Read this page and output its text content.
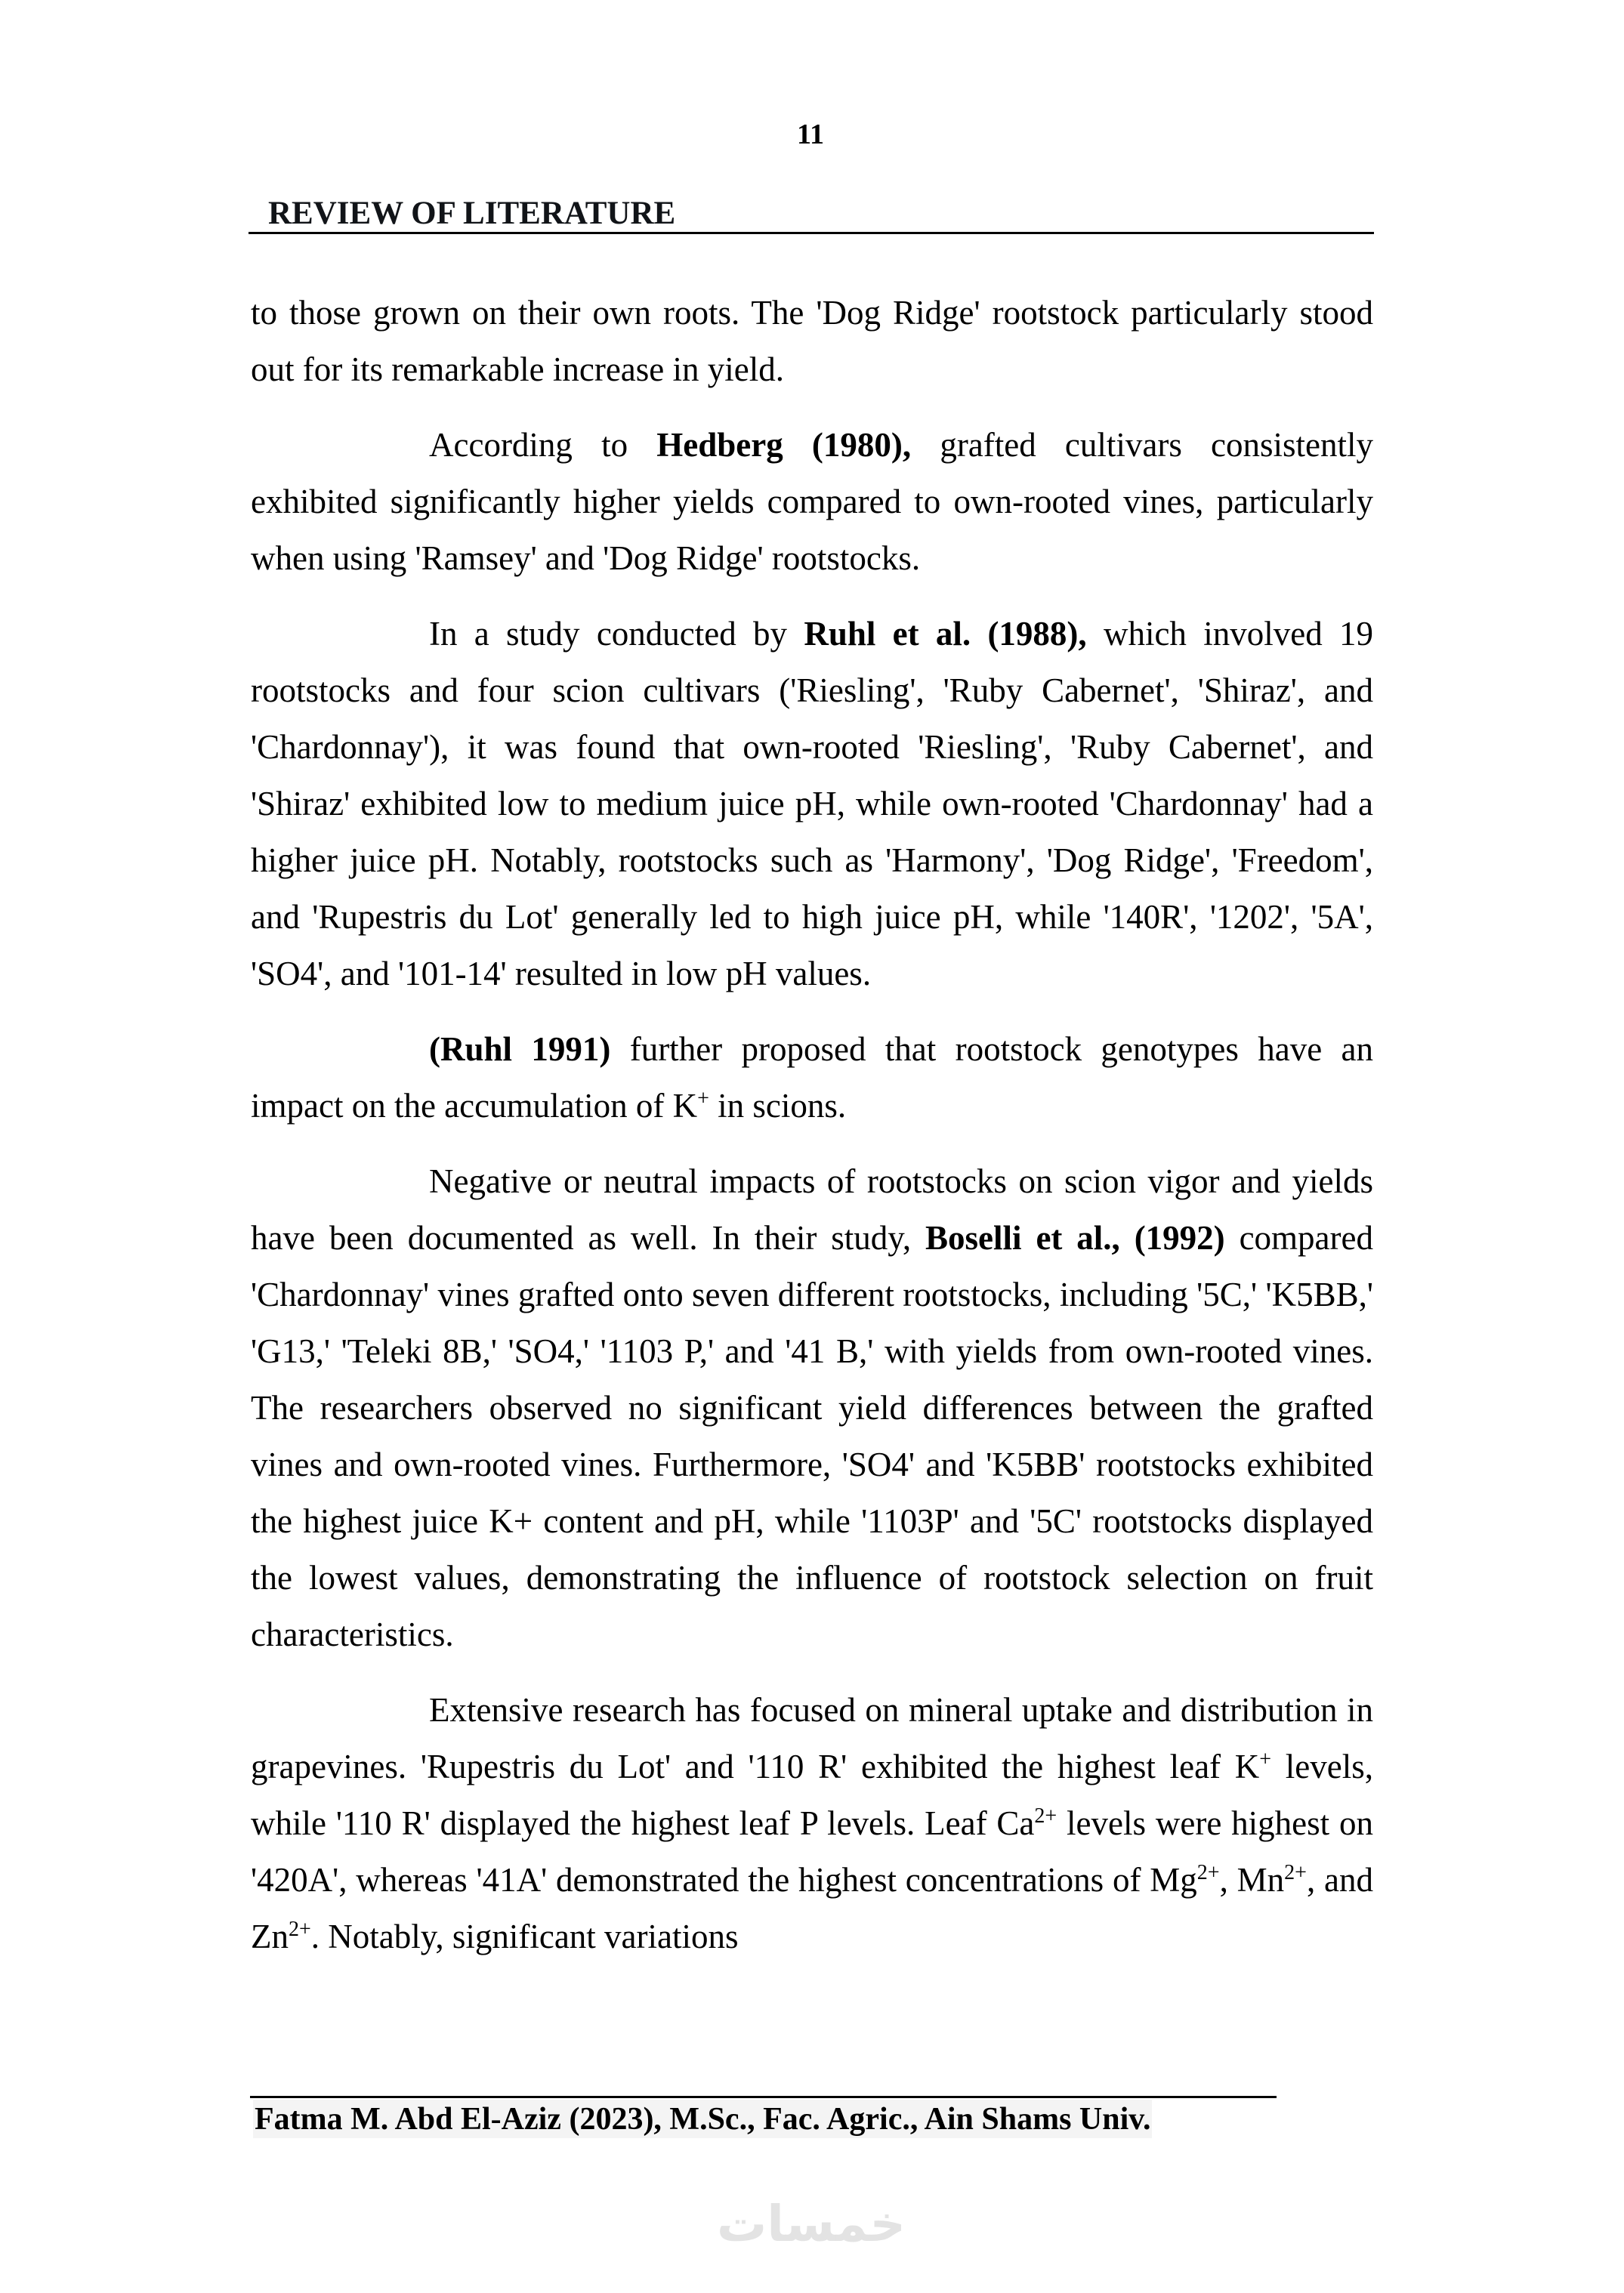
11
REVIEW OF LITERATURE

to those grown on their own roots. The 'Dog Ridge' rootstock particularly stood out for its remarkable increase in yield.

According to Hedberg (1980), grafted cultivars consistently exhibited significantly higher yields compared to own-rooted vines, particularly when using 'Ramsey' and 'Dog Ridge' rootstocks.

In a study conducted by Ruhl et al. (1988), which involved 19 rootstocks and four scion cultivars ('Riesling', 'Ruby Cabernet', 'Shiraz', and 'Chardonnay'), it was found that own-rooted 'Riesling', 'Ruby Cabernet', and 'Shiraz' exhibited low to medium juice pH, while own-rooted 'Chardonnay' had a higher juice pH. Notably, rootstocks such as 'Harmony', 'Dog Ridge', 'Freedom', and 'Rupestris du Lot' generally led to high juice pH, while '140R', '1202', '5A', 'SO4', and '101-14' resulted in low pH values.

(Ruhl 1991) further proposed that rootstock genotypes have an impact on the accumulation of K+ in scions.

Negative or neutral impacts of rootstocks on scion vigor and yields have been documented as well. In their study, Boselli et al., (1992) compared 'Chardonnay' vines grafted onto seven different rootstocks, including '5C,' 'K5BB,' 'G13,' 'Teleki 8B,' 'SO4,' '1103 P,' and '41 B,' with yields from own-rooted vines. The researchers observed no significant yield differences between the grafted vines and own-rooted vines. Furthermore, 'SO4' and 'K5BB' rootstocks exhibited the highest juice K+ content and pH, while '1103P' and '5C' rootstocks displayed the lowest values, demonstrating the influence of rootstock selection on fruit characteristics.

Extensive research has focused on mineral uptake and distribution in grapevines. 'Rupestris du Lot' and '110 R' exhibited the highest leaf K+ levels, while '110 R' displayed the highest leaf P levels. Leaf $Ca^{2+}$ levels were highest on '420A', whereas '41A' demonstrated the highest concentrations of $Mg^{2+}$, $Mn^{2+}$, and $Zn^{2+}$. Notably, significant variations

Fatma M. Abd El-Aziz (2023), M.Sc., Fac. Agric., Ain Shams Univ.
خمسات
